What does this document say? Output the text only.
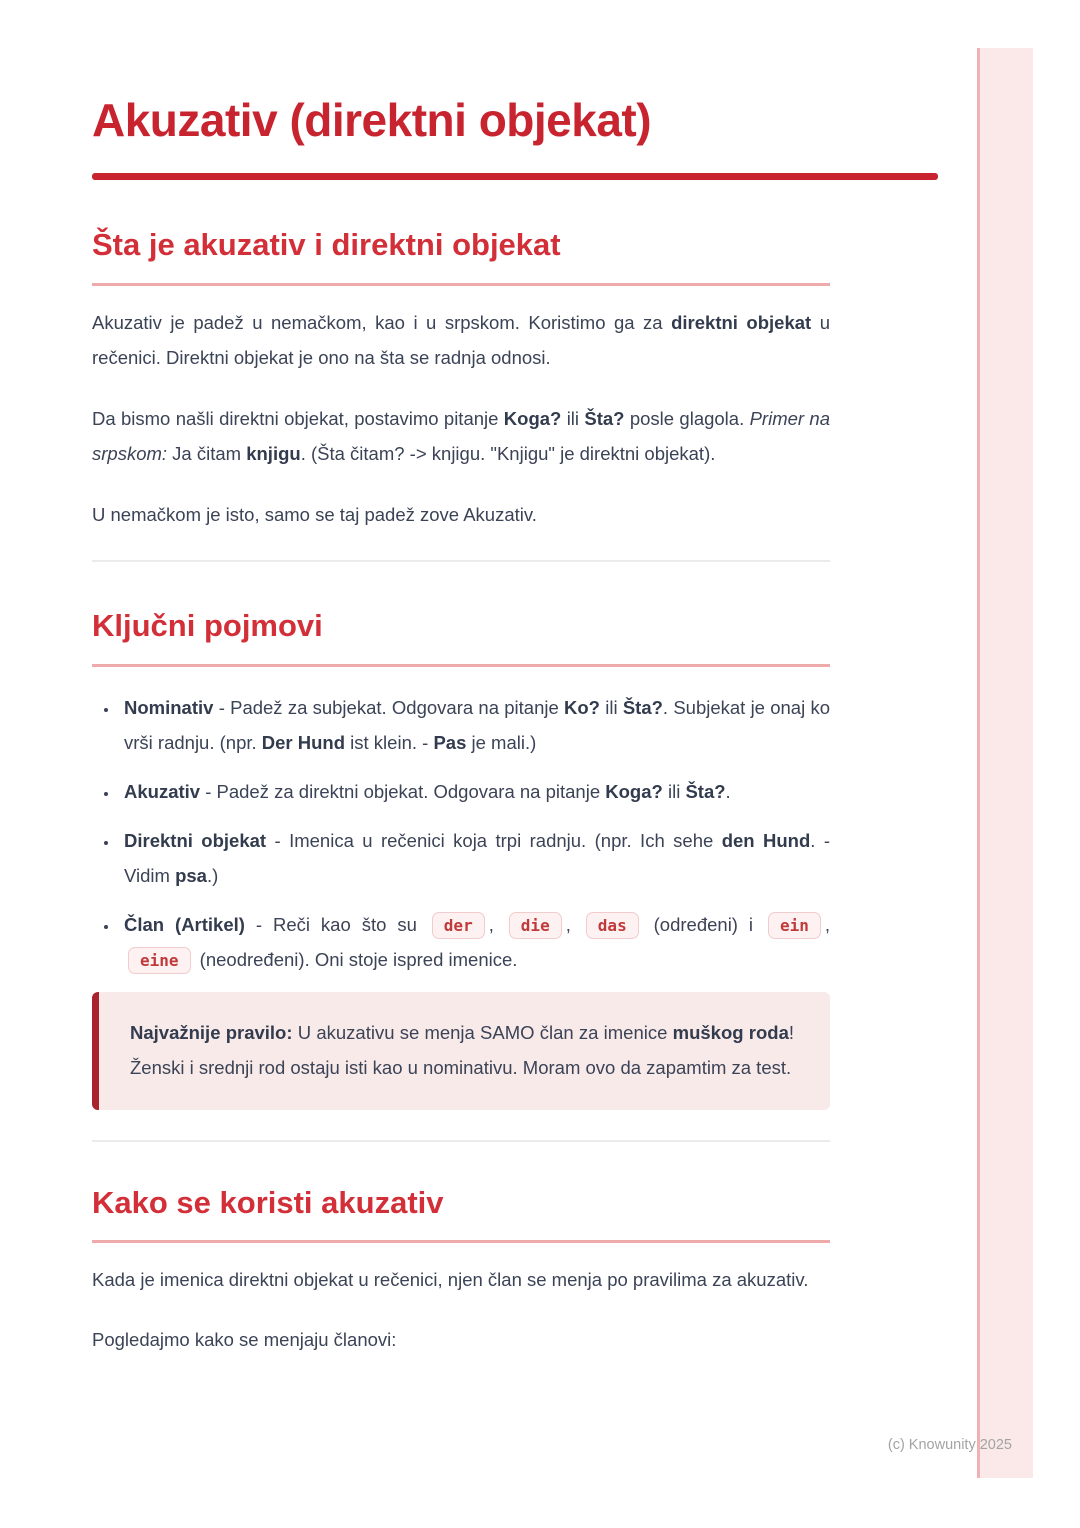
Akuzativ (direktni objekat)
Šta je akuzativ i direktni objekat

Akuzativ je padež u nemačkom, kao i u srpskom. Koristimo ga za direktni objekat u rečenici. Direktni objekat je ono na šta se radnja odnosi.

Da bismo našli direktni objekat, postavimo pitanje Koga? ili Šta? posle glagola. Primer na srpskom: Ja čitam knjigu. (Šta čitam? -> knjigu. "Knjigu" je direktni objekat).

U nemačkom je isto, samo se taj padež zove Akuzativ.

Ključni pojmovi
• Nominativ - Padež za subjekat. Odgovara na pitanje Ko? ili Šta?. Subjekat je onaj ko vrši radnju. (npr. Der Hund ist klein. - Pas je mali.)
• Akuzativ - Padež za direktni objekat. Odgovara na pitanje Koga? ili Šta?.
• Direktni objekat - Imenica u rečenici koja trpi radnju. (npr. Ich sehe den Hund. - Vidim psa.)
• Član (Artikel) - Reči kao što su der , die , das (određeni) i ein , eine (neodređeni). Oni stoje ispred imenice.

Najvažnije pravilo: U akuzativu se menja SAMO član za imenice muškog roda! Ženski i srednji rod ostaju isti kao u nominativu. Moram ovo da zapamtim za test.

Kako se koristi akuzativ

Kada je imenica direktni objekat u rečenici, njen član se menja po pravilima za akuzativ.

Pogledajmo kako se menjaju članovi:

(c) Knowunity 2025
